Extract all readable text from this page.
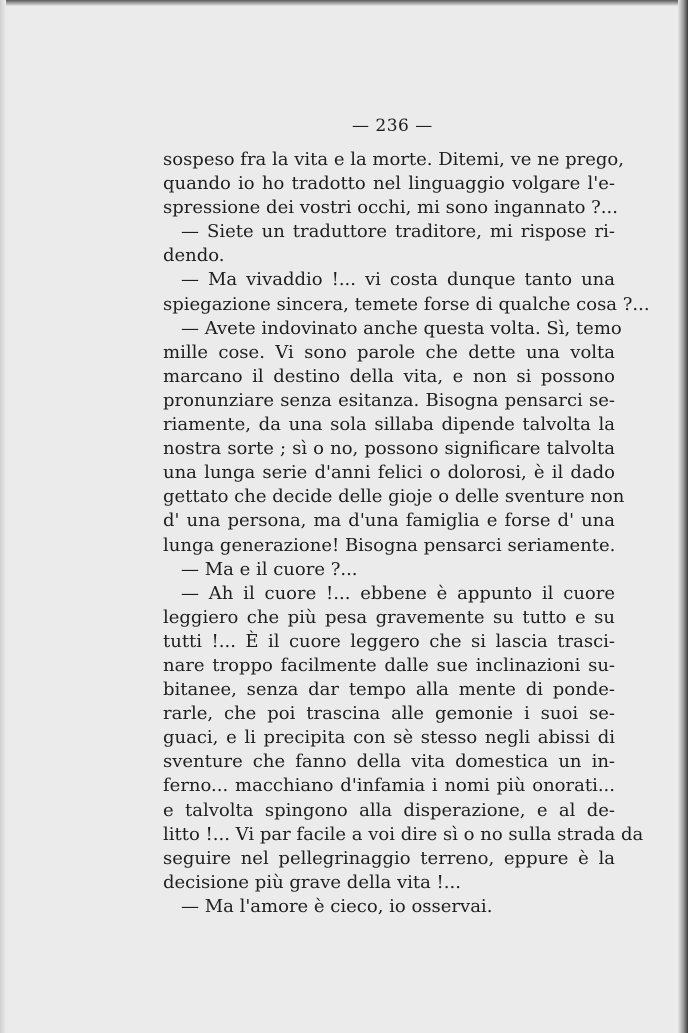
— 236 —
sospeso fra la vita e la morte. Ditemi, ve ne prego,
quando io ho tradotto nel linguaggio volgare l'e-
spressione dei vostri occhi, mi sono ingannato ?...
— Siete un traduttore traditore, mi rispose ri-
dendo.
— Ma vivaddio !... vi costa dunque tanto una
spiegazione sincera, temete forse di qualche cosa ?...
— Avete indovinato anche questa volta. Sì, temo
mille cose. Vi sono parole che dette una volta
marcano il destino della vita, e non si possono
pronunziare senza esitanza. Bisogna pensarci se-
riamente, da una sola sillaba dipende talvolta la
nostra sorte ; sì o no, possono significare talvolta
una lunga serie d'anni felici o dolorosi, è il dado
gettato che decide delle gioje o delle sventure non
d' una persona, ma d'una famiglia e forse d' una
lunga generazione! Bisogna pensarci seriamente.
— Ma e il cuore ?...
— Ah il cuore !... ebbene è appunto il cuore
leggiero che più pesa gravemente su tutto e su
tutti !... È il cuore leggero che si lascia trasci-
nare troppo facilmente dalle sue inclinazioni su-
bitanee, senza dar tempo alla mente di ponde-
rarle, che poi trascina alle gemonie i suoi se-
guaci, e li precipita con sè stesso negli abissi di
sventure che fanno della vita domestica un in-
ferno... macchiano d'infamia i nomi più onorati...
e talvolta spingono alla disperazione, e al de-
litto !... Vi par facile a voi dire sì o no sulla strada da
seguire nel pellegrinaggio terreno, eppure è la
decisione più grave della vita !...
— Ma l'amore è cieco, io osservai.
